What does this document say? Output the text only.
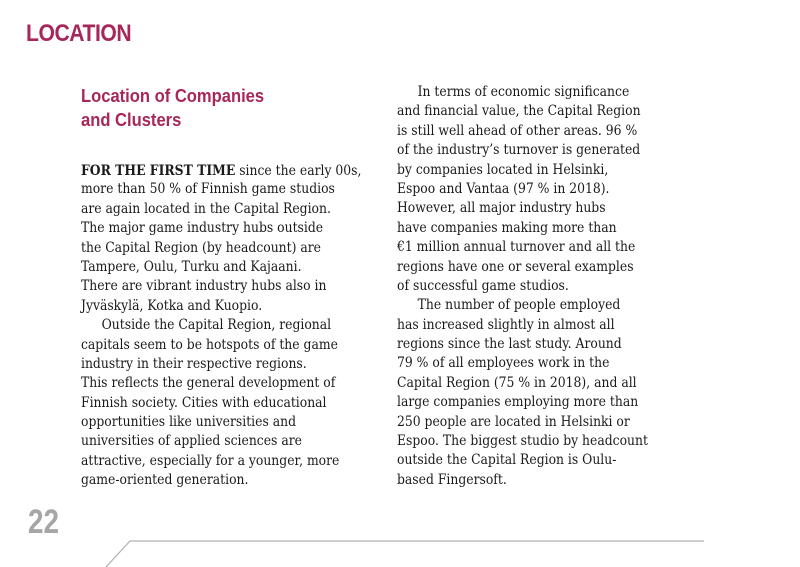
LOCATION
Location of Companies
and Clusters
FOR THE FIRST TIME since the early 00s,
more than 50 % of Finnish game studios
are again located in the Capital Region.
The major game industry hubs outside
the Capital Region (by headcount) are
Tampere, Oulu, Turku and Kajaani.
There are vibrant industry hubs also in
Jyväskylä, Kotka and Kuopio.
Outside the Capital Region, regional
capitals seem to be hotspots of the game
industry in their respective regions.
This reflects the general development of
Finnish society. Cities with educational
opportunities like universities and
universities of applied sciences are
attractive, especially for a younger, more
game-oriented generation.
In terms of economic significance
and financial value, the Capital Region
is still well ahead of other areas. 96 %
of the industry’s turnover is generated
by companies located in Helsinki,
Espoo and Vantaa (97 % in 2018).
However, all major industry hubs
have companies making more than
€1 million annual turnover and all the
regions have one or several examples
of successful game studios.
The number of people employed
has increased slightly in almost all
regions since the last study. Around
79 % of all employees work in the
Capital Region (75 % in 2018), and all
large companies employing more than
250 people are located in Helsinki or
Espoo. The biggest studio by headcount
outside the Capital Region is Oulu-
based Fingersoft.
22
